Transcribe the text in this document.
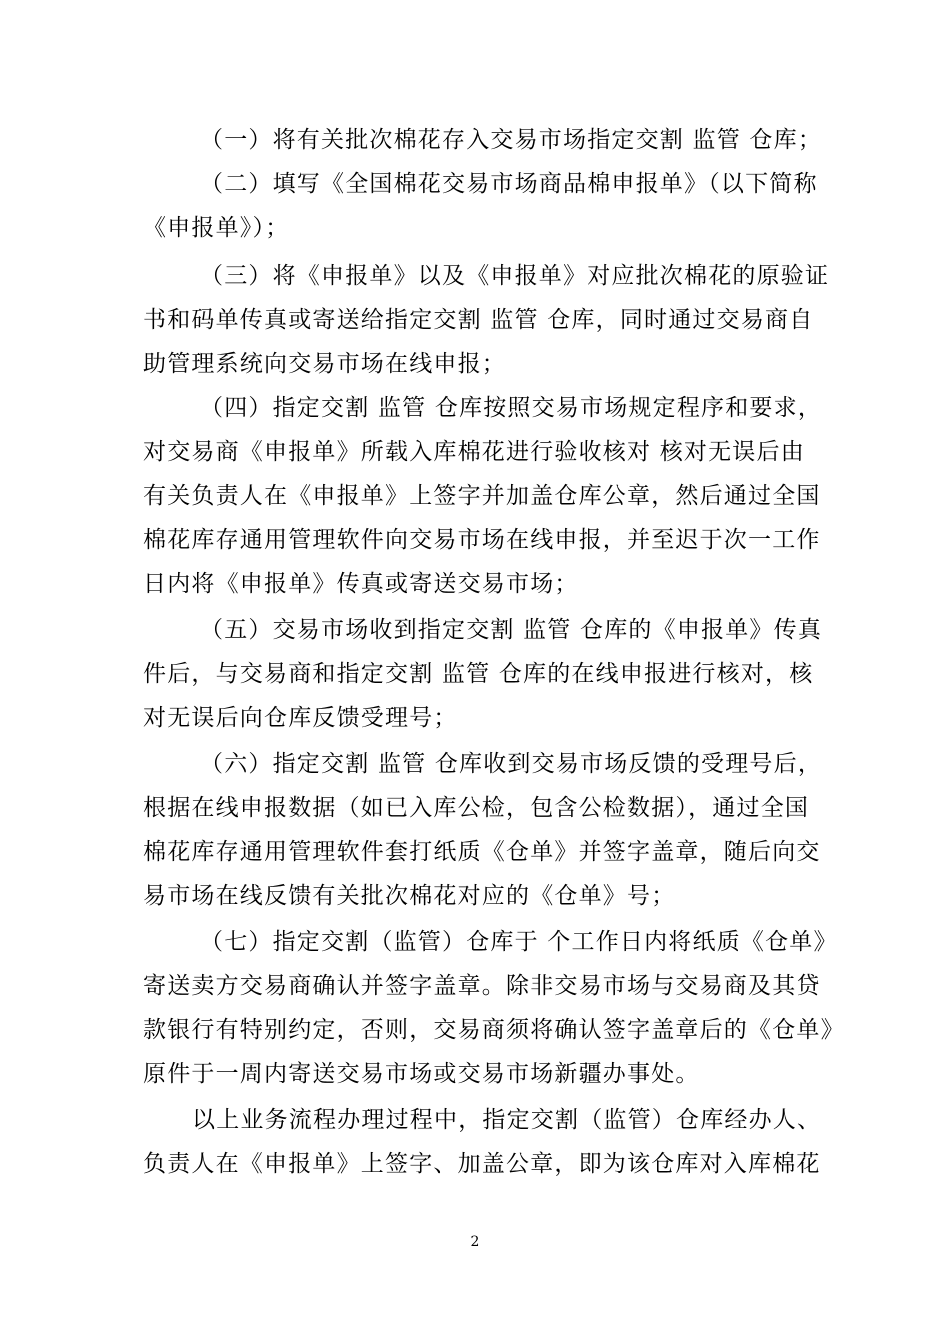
（一）将有关批次棉花存入交易市场指定交割 监管 仓库；
（二）填写《全国棉花交易市场商品棉申报单》（以下简称
《申报单》）；
（三）将《申报单》以及《申报单》对应批次棉花的原验证
书和码单传真或寄送给指定交割 监管 仓库，同时通过交易商自
助管理系统向交易市场在线申报；
（四）指定交割 监管 仓库按照交易市场规定程序和要求，
对交易商《申报单》所载入库棉花进行验收核对 核对无误后由
有关负责人在《申报单》上签字并加盖仓库公章，然后通过全国
棉花库存通用管理软件向交易市场在线申报，并至迟于次一工作
日内将《申报单》传真或寄送交易市场；
（五）交易市场收到指定交割 监管 仓库的《申报单》传真
件后，与交易商和指定交割 监管 仓库的在线申报进行核对，核
对无误后向仓库反馈受理号；
（六）指定交割 监管 仓库收到交易市场反馈的受理号后，
根据在线申报数据（如已入库公检，包含公检数据），通过全国
棉花库存通用管理软件套打纸质《仓单》并签字盖章，随后向交
易市场在线反馈有关批次棉花对应的《仓单》号；
（七）指定交割（监管）仓库于 个工作日内将纸质《仓单》
寄送卖方交易商确认并签字盖章。除非交易市场与交易商及其贷
款银行有特别约定，否则，交易商须将确认签字盖章后的《仓单》
原件于一周内寄送交易市场或交易市场新疆办事处。
以上业务流程办理过程中，指定交割（监管）仓库经办人、
负责人在《申报单》上签字、加盖公章，即为该仓库对入库棉花
2
